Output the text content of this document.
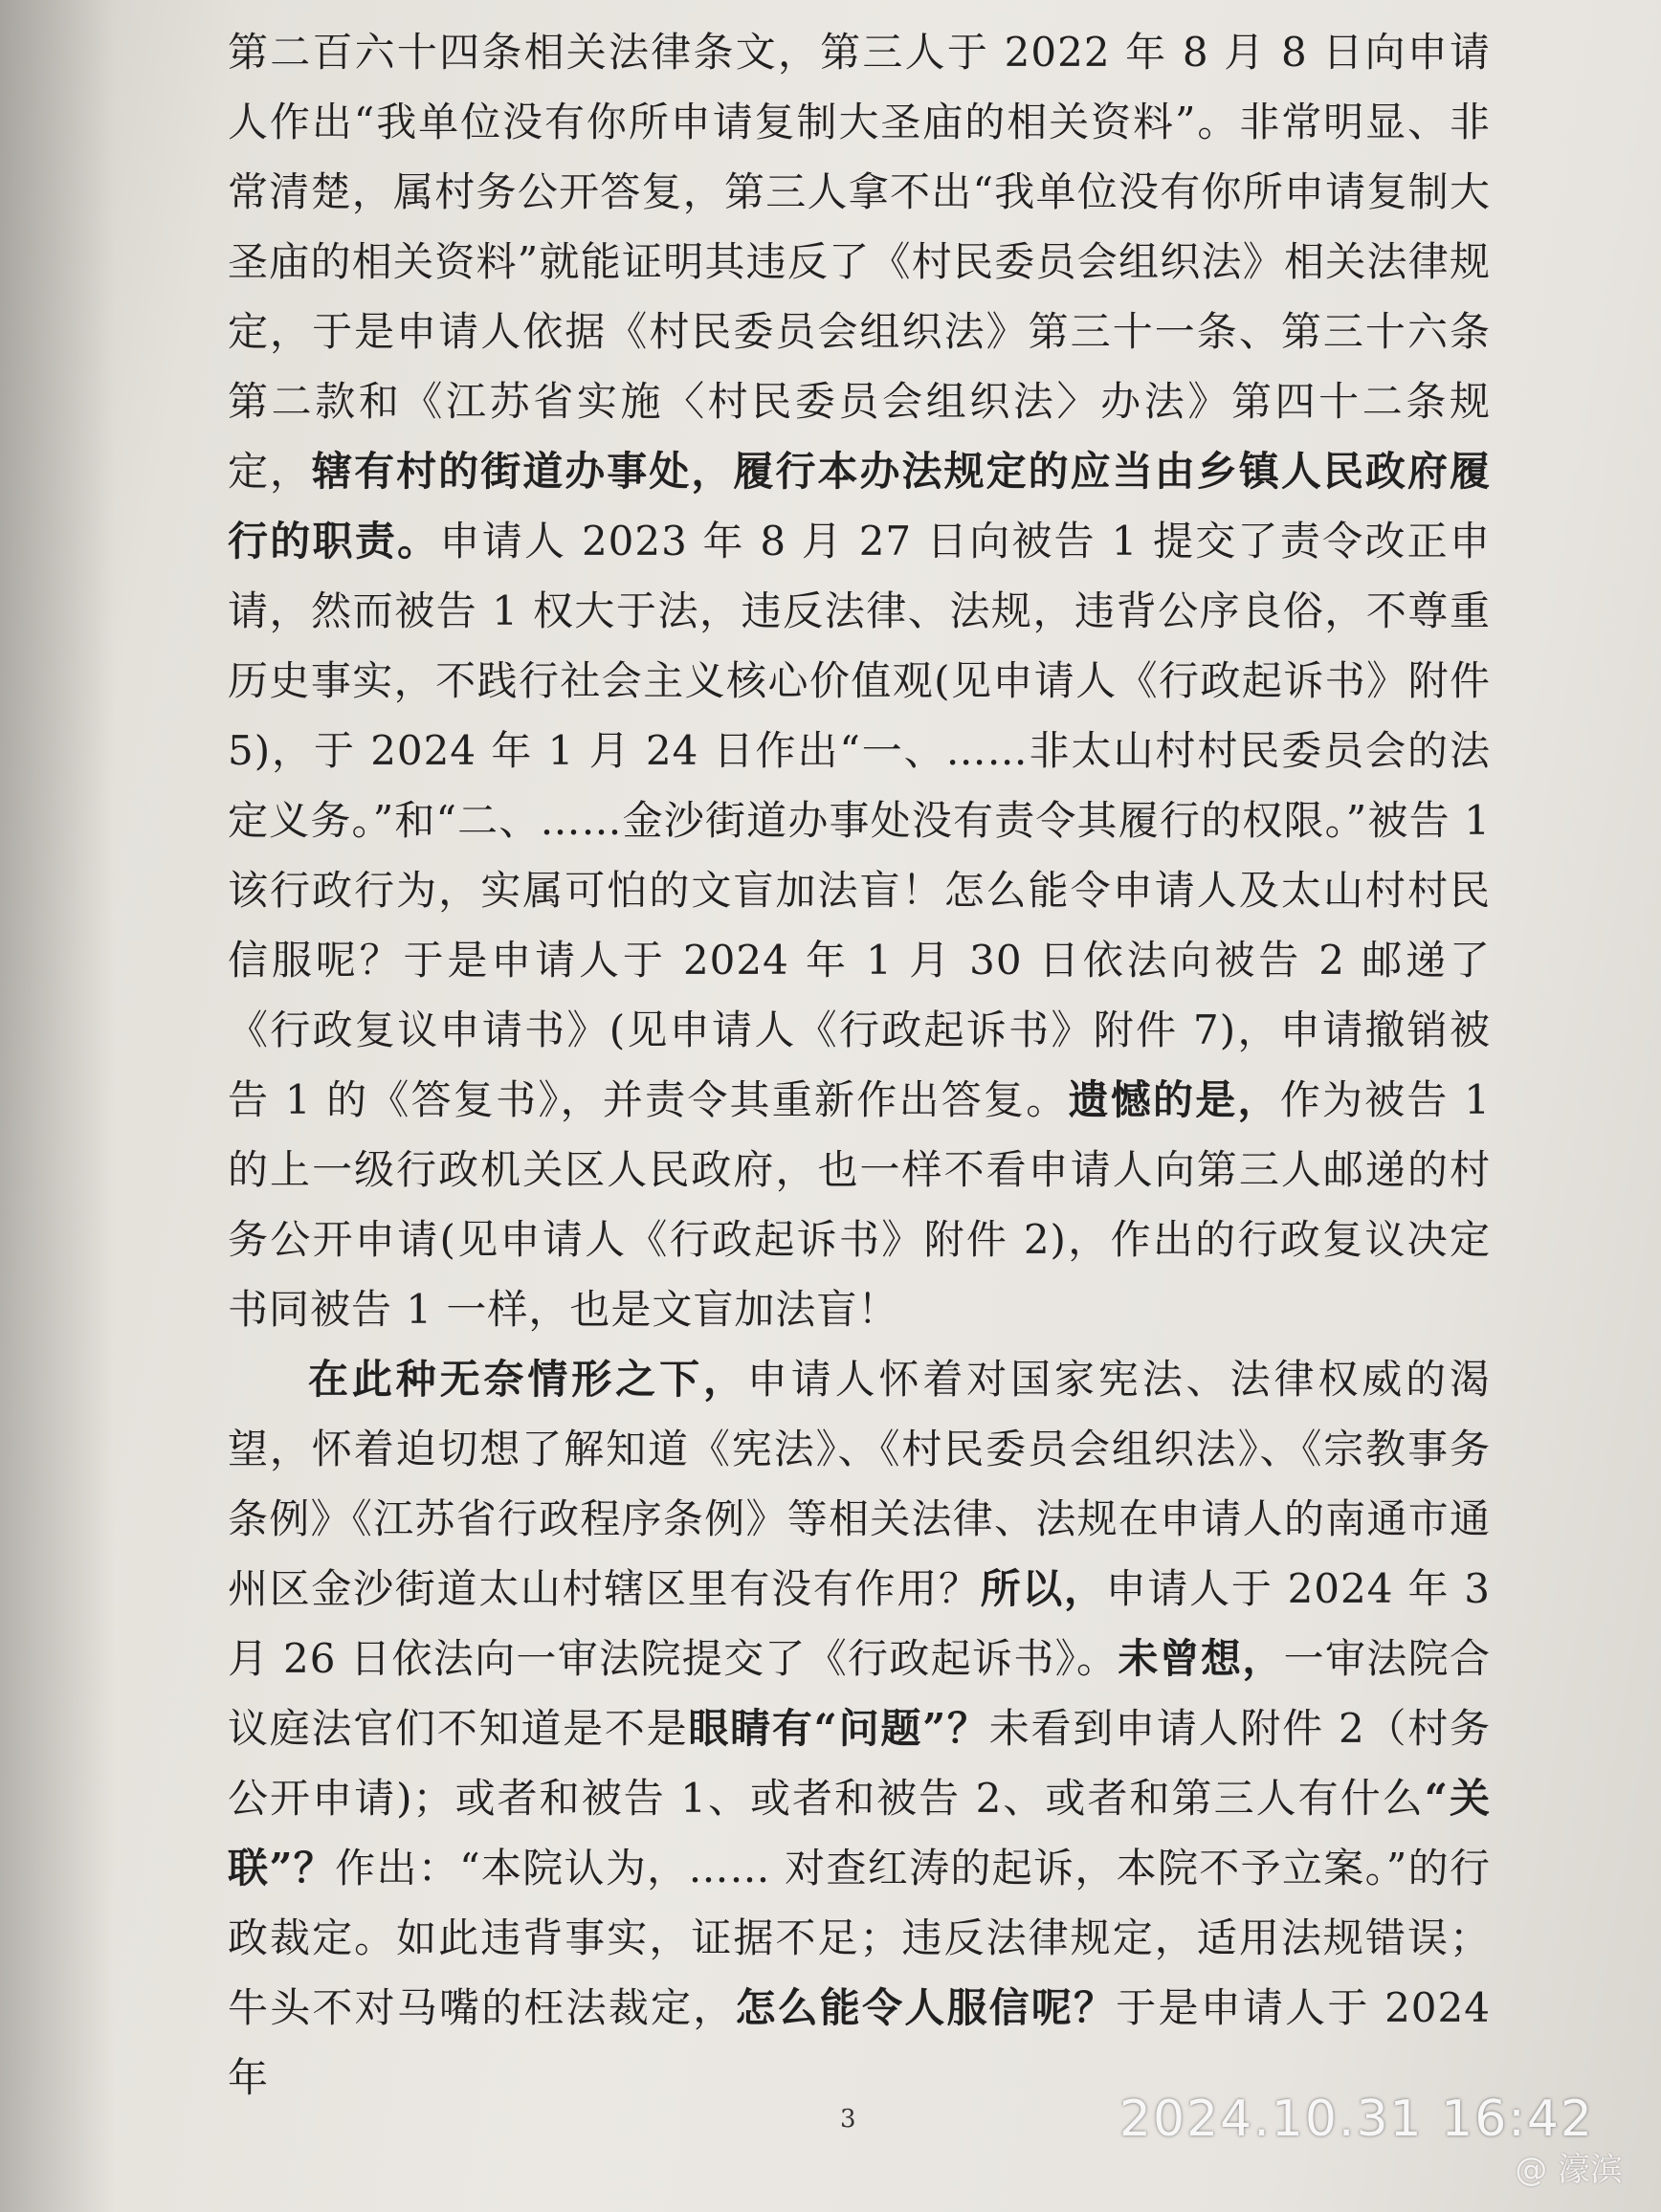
第二百六十四条相关法律条文，第三人于 2022 年 8 月 8 日向申请人作出“我单位没有你所申请复制大圣庙的相关资料”。非常明显、非常清楚，属村务公开答复，第三人拿不出“我单位没有你所申请复制大圣庙的相关资料”就能证明其违反了《村民委员会组织法》相关法律规定，于是申请人依据《村民委员会组织法》第三十一条、第三十六条第二款和《江苏省实施〈村民委员会组织法〉办法》第四十二条规定，辖有村的街道办事处，履行本办法规定的应当由乡镇人民政府履行的职责。申请人 2023 年 8 月 27 日向被告 1 提交了责令改正申请，然而被告 1 权大于法，违反法律、法规，违背公序良俗，不尊重历史事实，不践行社会主义核心价值观(见申请人《行政起诉书》附件 5)，于 2024 年 1 月 24 日作出“一、……非太山村村民委员会的法定义务。”和“二、……金沙街道办事处没有责令其履行的权限。”被告 1 该行政行为，实属可怕的文盲加法盲！怎么能令申请人及太山村村民信服呢？于是申请人于 2024 年 1 月 30 日依法向被告 2 邮递了《行政复议申请书》(见申请人《行政起诉书》附件 7)，申请撤销被告 1 的《答复书》，并责令其重新作出答复。遗憾的是，作为被告 1 的上一级行政机关区人民政府，也一样不看申请人向第三人邮递的村务公开申请(见申请人《行政起诉书》附件 2)，作出的行政复议决定书同被告 1 一样，也是文盲加法盲！

在此种无奈情形之下，申请人怀着对国家宪法、法律权威的渴望，怀着迫切想了解知道《宪法》、《村民委员会组织法》、《宗教事务条例》《江苏省行政程序条例》等相关法律、法规在申请人的南通市通州区金沙街道太山村辖区里有没有作用？所以，申请人于 2024 年 3 月 26 日依法向一审法院提交了《行政起诉书》。未曾想，一审法院合议庭法官们不知道是不是眼睛有“问题”？未看到申请人附件 2（村务公开申请)；或者和被告 1、或者和被告 2、或者和第三人有什么“关联”？作出：“本院认为，…… 对查红涛的起诉，本院不予立案。”的行政裁定。如此违背事实，证据不足；违反法律规定，适用法规错误；牛头不对马嘴的枉法裁定，怎么能令人服信呢？于是申请人于 2024 年

3	2024.10.31 16:42
@ 濠滨
